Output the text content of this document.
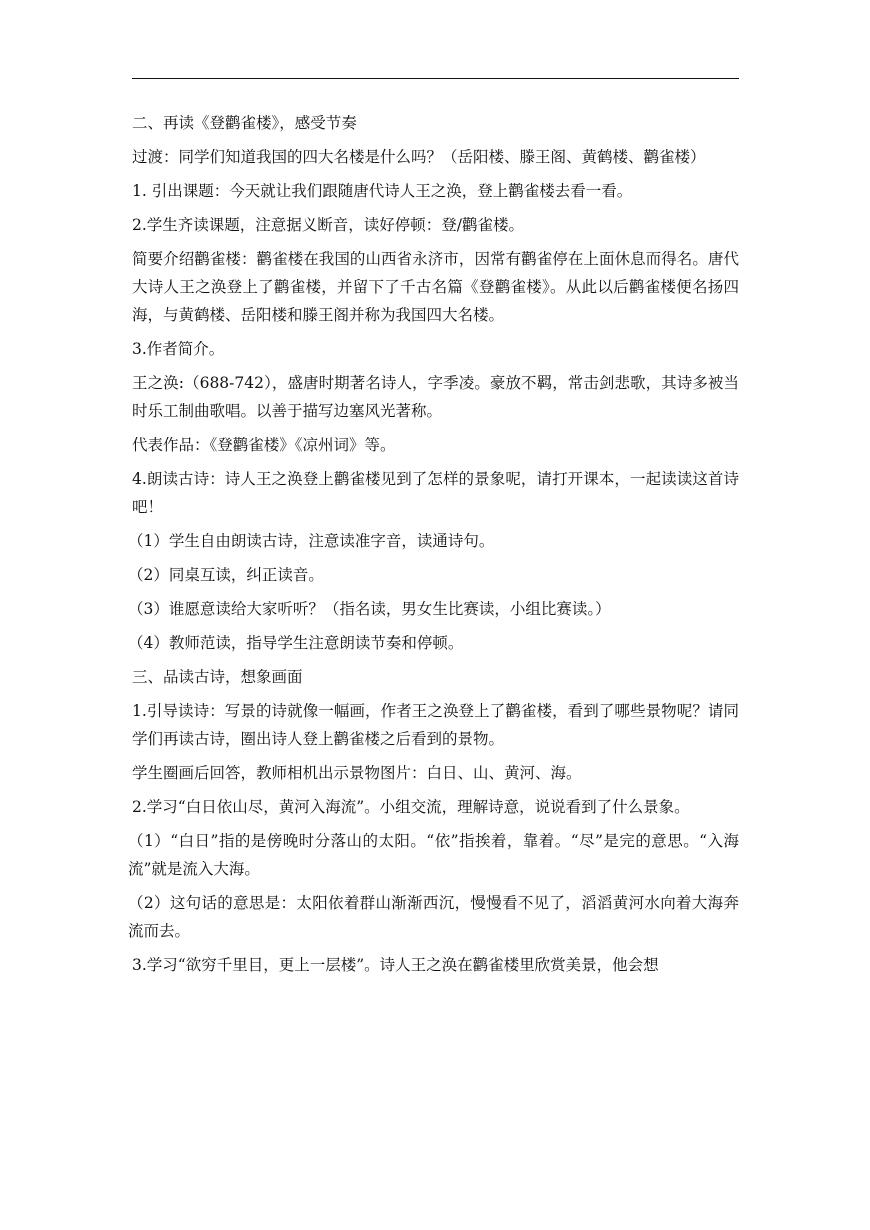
二、再读《登鹳雀楼》，感受节奏

过渡：同学们知道我国的四大名楼是什么吗？（岳阳楼、滕王阁、黄鹤楼、鹳雀楼）

1. 引出课题：今天就让我们跟随唐代诗人王之涣，登上鹳雀楼去看一看。

2.学生齐读课题，注意据义断音，读好停顿：登/鹳雀楼。

简要介绍鹳雀楼：鹳雀楼在我国的山西省永济市，因常有鹳雀停在上面休息而得名。唐代大诗人王之涣登上了鹳雀楼，并留下了千古名篇《登鹳雀楼》。从此以后鹳雀楼便名扬四海，与黄鹤楼、岳阳楼和滕王阁并称为我国四大名楼。

3.作者简介。

王之涣:（688-742），盛唐时期著名诗人，字季凌。豪放不羁，常击剑悲歌，其诗多被当时乐工制曲歌唱。以善于描写边塞风光著称。

代表作品：《登鹳雀楼》《凉州词》等。

4.朗读古诗：诗人王之涣登上鹳雀楼见到了怎样的景象呢，请打开课本，一起读读这首诗吧！

（1）学生自由朗读古诗，注意读准字音，读通诗句。

（2）同桌互读，纠正读音。

（3）谁愿意读给大家听听？（指名读，男女生比赛读，小组比赛读。）

（4）教师范读，指导学生注意朗读节奏和停顿。

三、品读古诗，想象画面

1.引导读诗：写景的诗就像一幅画，作者王之涣登上了鹳雀楼，看到了哪些景物呢？请同学们再读古诗，圈出诗人登上鹳雀楼之后看到的景物。

学生圈画后回答，教师相机出示景物图片：白日、山、黄河、海。

2.学习“白日依山尽，黄河入海流”。小组交流，理解诗意，说说看到了什么景象。

（1）“白日”指的是傍晚时分落山的太阳。“依”指挨着，靠着。“尽”是完的意思。“入海流”就是流入大海。

（2）这句话的意思是：太阳依着群山渐渐西沉，慢慢看不见了，滔滔黄河水向着大海奔流而去。

3.学习“欲穷千里目，更上一层楼”。诗人王之涣在鹳雀楼里欣赏美景，他会想
